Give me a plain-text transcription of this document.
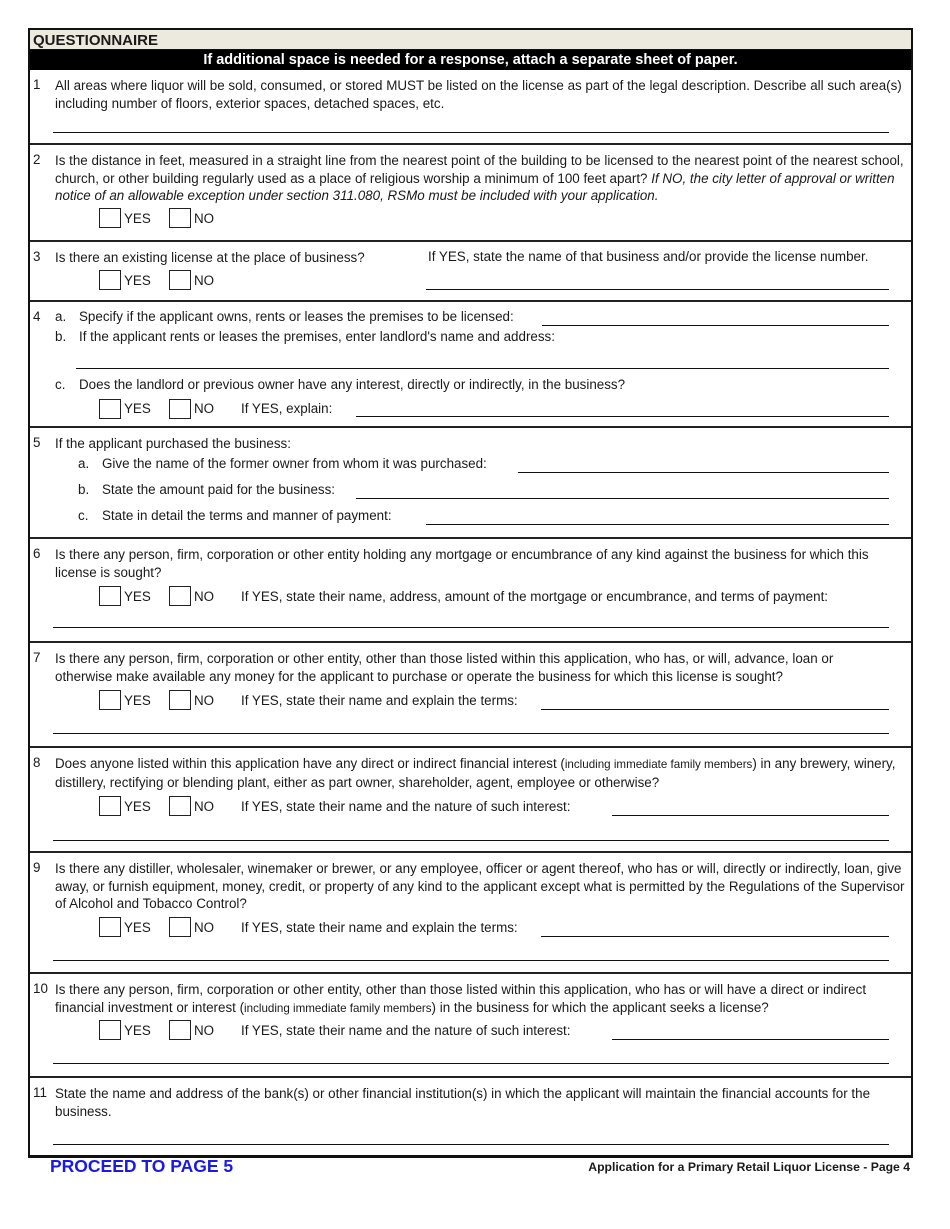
QUESTIONNAIRE
If additional space is needed for a response, attach a separate sheet of paper.
1 All areas where liquor will be sold, consumed, or stored MUST be listed on the license as part of the legal description. Describe all such area(s) including number of floors, exterior spaces, detached spaces, etc.
2 Is the distance in feet, measured in a straight line from the nearest point of the building to be licensed to the nearest point of the nearest school, church, or other building regularly used as a place of religious worship a minimum of 100 feet apart? If NO, the city letter of approval or written notice of an allowable exception under section 311.080, RSMo must be included with your application.
YES	NO
3 Is there an existing license at the place of business?	If YES, state the name of that business and/or provide the license number.
YES	NO
4 a. Specify if the applicant owns, rents or leases the premises to be licensed:
b. If the applicant rents or leases the premises, enter landlord's name and address:
c. Does the landlord or previous owner have any interest, directly or indirectly, in the business?
YES	NO If YES, explain:
5 If the applicant purchased the business:
a. Give the name of the former owner from whom it was purchased:
b. State the amount paid for the business:
c. State in detail the terms and manner of payment:
6 Is there any person, firm, corporation or other entity holding any mortgage or encumbrance of any kind against the business for which this license is sought?
YES	NO If YES, state their name, address, amount of the mortgage or encumbrance, and terms of payment:
7 Is there any person, firm, corporation or other entity, other than those listed within this application, who has, or will, advance, loan or otherwise make available any money for the applicant to purchase or operate the business for which this license is sought?
YES	NO If YES, state their name and explain the terms:
8 Does anyone listed within this application have any direct or indirect financial interest (including immediate family members) in any brewery, winery, distillery, rectifying or blending plant, either as part owner, shareholder, agent, employee or otherwise?
YES	NO If YES, state their name and the nature of such interest:
9 Is there any distiller, wholesaler, winemaker or brewer, or any employee, officer or agent thereof, who has or will, directly or indirectly, loan, give away, or furnish equipment, money, credit, or property of any kind to the applicant except what is permitted by the Regulations of the Supervisor of Alcohol and Tobacco Control?
YES	NO If YES, state their name and explain the terms:
10 Is there any person, firm, corporation or other entity, other than those listed within this application, who has or will have a direct or indirect financial investment or interest (including immediate family members) in the business for which the applicant seeks a license?
YES	NO If YES, state their name and the nature of such interest:
11 State the name and address of the bank(s) or other financial institution(s) in which the applicant will maintain the financial accounts for the business.
PROCEED TO PAGE 5	Application for a Primary Retail Liquor License - Page 4
